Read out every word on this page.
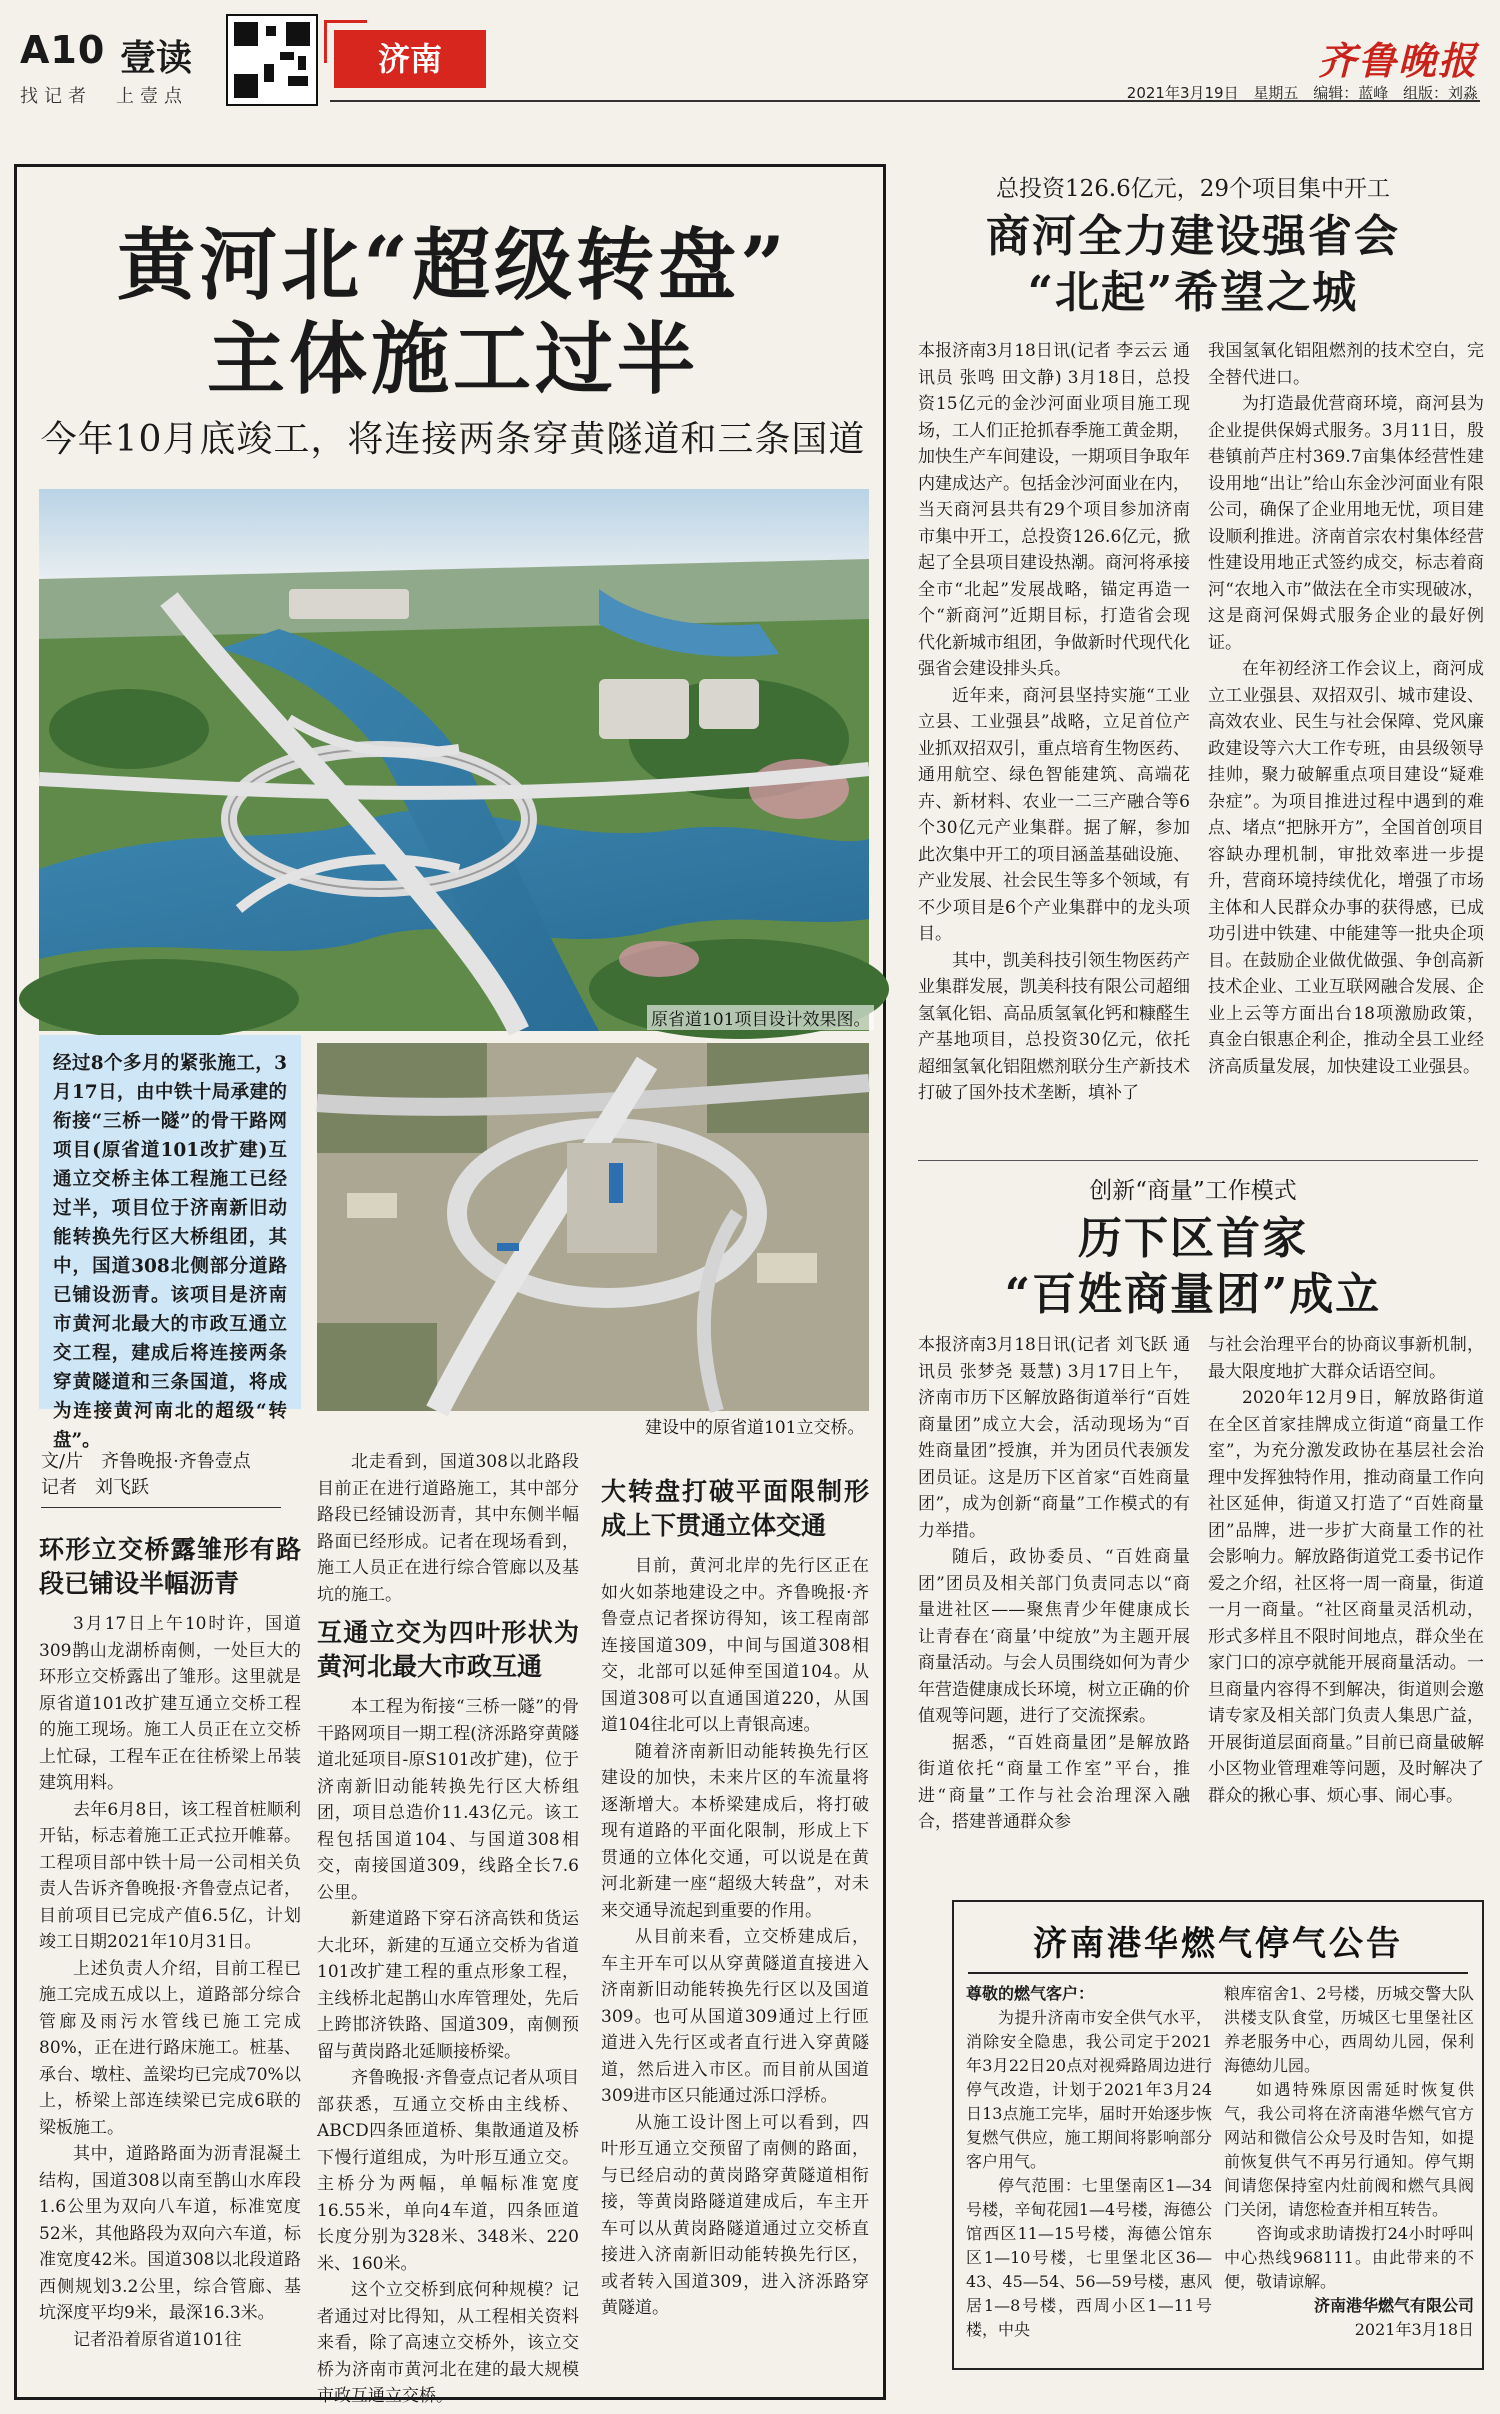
A10 壹读
找记者　上壹点
济南	齐鲁晚报
2021年3月19日 星期五 编辑：蓝峰 组版：刘淼
黄河北“超级转盘”
主体施工过半
今年10月底竣工，将连接两条穿黄隧道和三条国道
原省道101项目设计效果图。
经过8个多月的紧张施工，3月17日，由中铁十局承建的衔接“三桥一隧”的骨干路网项目(原省道101改扩建)互通立交桥主体工程施工已经过半，项目位于济南新旧动能转换先行区大桥组团，其中，国道308北侧部分道路已铺设沥青。该项目是济南市黄河北最大的市政互通立交工程，建成后将连接两条穿黄隧道和三条国道，将成为连接黄河南北的超级“转盘”。
建设中的原省道101立交桥。
文/片　齐鲁晚报·齐鲁壹点
记者　刘飞跃
环形立交桥露雏形有路段已铺设半幅沥青

3月17日上午10时许，国道309鹊山龙湖桥南侧，一处巨大的环形立交桥露出了雏形。这里就是原省道101改扩建互通立交桥工程的施工现场。施工人员正在立交桥上忙碌，工程车正在往桥梁上吊装建筑用料。

去年6月8日，该工程首桩顺利开钻，标志着施工正式拉开帷幕。工程项目部中铁十局一公司相关负责人告诉齐鲁晚报·齐鲁壹点记者，目前项目已完成产值6.5亿，计划竣工日期2021年10月31日。

上述负责人介绍，目前工程已施工完成五成以上，道路部分综合管廊及雨污水管线已施工完成80%，正在进行路床施工。桩基、承台、墩柱、盖梁均已完成70%以上，桥梁上部连续梁已完成6联的梁板施工。

其中，道路路面为沥青混凝土结构，国道308以南至鹊山水库段1.6公里为双向八车道，标准宽度52米，其他路段为双向六车道，标准宽度42米。国道308以北段道路西侧规划3.2公里，综合管廊、基坑深度平均9米，最深16.3米。

记者沿着原省道101往

北走看到，国道308以北路段目前正在进行道路施工，其中部分路段已经铺设沥青，其中东侧半幅路面已经形成。记者在现场看到，施工人员正在进行综合管廊以及基坑的施工。

互通立交为四叶形状为黄河北最大市政互通

本工程为衔接“三桥一隧”的骨干路网项目一期工程(济泺路穿黄隧道北延项目-原S101改扩建)，位于济南新旧动能转换先行区大桥组团，项目总造价11.43亿元。该工程包括国道104、与国道308相交，南接国道309，线路全长7.6公里。

新建道路下穿石济高铁和货运大北环，新建的互通立交桥为省道101改扩建工程的重点形象工程，主线桥北起鹊山水库管理处，先后上跨邯济铁路、国道309，南侧预留与黄岗路北延顺接桥梁。

齐鲁晚报·齐鲁壹点记者从项目部获悉，互通立交桥由主线桥、ABCD四条匝道桥、集散通道及桥下慢行道组成，为叶形互通立交。主桥分为两幅，单幅标准宽度16.55米，单向4车道，四条匝道长度分别为328米、348米、220米、160米。

这个立交桥到底何种规模？记者通过对比得知，从工程相关资料来看，除了高速立交桥外，该立交桥为济南市黄河北在建的最大规模市政互通立交桥。

大转盘打破平面限制形成上下贯通立体交通

目前，黄河北岸的先行区正在如火如荼地建设之中。齐鲁晚报·齐鲁壹点记者探访得知，该工程南部连接国道309，中间与国道308相交，北部可以延伸至国道104。从国道308可以直通国道220，从国道104往北可以上青银高速。

随着济南新旧动能转换先行区建设的加快，未来片区的车流量将逐渐增大。本桥梁建成后，将打破现有道路的平面化限制，形成上下贯通的立体化交通，可以说是在黄河北新建一座“超级大转盘”，对未来交通导流起到重要的作用。

从目前来看，立交桥建成后，车主开车可以从穿黄隧道直接进入济南新旧动能转换先行区以及国道309。也可从国道309通过上行匝道进入先行区或者直行进入穿黄隧道，然后进入市区。而目前从国道309进市区只能通过泺口浮桥。

从施工设计图上可以看到，四叶形互通立交预留了南侧的路面，与已经启动的黄岗路穿黄隧道相衔接，等黄岗路隧道建成后，车主开车可以从黄岗路隧道通过立交桥直接进入济南新旧动能转换先行区，或者转入国道309，进入济泺路穿黄隧道。

总投资126.6亿元，29个项目集中开工
商河全力建设强省会
“北起”希望之城

本报济南3月18日讯(记者 李云云 通讯员 张鸣 田文静) 3月18日，总投资15亿元的金沙河面业项目施工现场，工人们正抢抓春季施工黄金期，加快生产车间建设，一期项目争取年内建成达产。包括金沙河面业在内，当天商河县共有29个项目参加济南市集中开工，总投资126.6亿元，掀起了全县项目建设热潮。商河将承接全市“北起”发展战略，锚定再造一个“新商河”近期目标，打造省会现代化新城市组团，争做新时代现代化强省会建设排头兵。

近年来，商河县坚持实施“工业立县、工业强县”战略，立足首位产业抓双招双引，重点培育生物医药、通用航空、绿色智能建筑、高端花卉、新材料、农业一二三产融合等6个30亿元产业集群。据了解，参加此次集中开工的项目涵盖基础设施、产业发展、社会民生等多个领域，有不少项目是6个产业集群中的龙头项目。

其中，凯美科技引领生物医药产业集群发展，凯美科技有限公司超细氢氧化铝、高品质氢氧化钙和糠醛生产基地项目，总投资30亿元，依托超细氢氧化铝阻燃剂联分生产新技术打破了国外技术垄断，填补了

我国氢氧化铝阻燃剂的技术空白，完全替代进口。

为打造最优营商环境，商河县为企业提供保姆式服务。3月11日，殷巷镇前芦庄村369.7亩集体经营性建设用地“出让”给山东金沙河面业有限公司，确保了企业用地无忧，项目建设顺利推进。济南首宗农村集体经营性建设用地正式签约成交，标志着商河“农地入市”做法在全市实现破冰，这是商河保姆式服务企业的最好例证。

在年初经济工作会议上，商河成立工业强县、双招双引、城市建设、高效农业、民生与社会保障、党风廉政建设等六大工作专班，由县级领导挂帅，聚力破解重点项目建设“疑难杂症”。为项目推进过程中遇到的难点、堵点“把脉开方”，全国首创项目容缺办理机制，审批效率进一步提升，营商环境持续优化，增强了市场主体和人民群众办事的获得感，已成功引进中铁建、中能建等一批央企项目。在鼓励企业做优做强、争创高新技术企业、工业互联网融合发展、企业上云等方面出台18项激励政策，真金白银惠企利企，推动全县工业经济高质量发展，加快建设工业强县。

创新“商量”工作模式
历下区首家
“百姓商量团”成立

本报济南3月18日讯(记者 刘飞跃 通讯员 张梦尧 聂慧) 3月17日上午，济南市历下区解放路街道举行“百姓商量团”成立大会，活动现场为“百姓商量团”授旗，并为团员代表颁发团员证。这是历下区首家“百姓商量团”，成为创新“商量”工作模式的有力举措。

随后，政协委员、“百姓商量团”团员及相关部门负责同志以“商量进社区——聚焦青少年健康成长　让青春在‘商量’中绽放”为主题开展商量活动。与会人员围绕如何为青少年营造健康成长环境，树立正确的价值观等问题，进行了交流探索。

据悉，“百姓商量团”是解放路街道依托“商量工作室”平台，推进“商量”工作与社会治理深入融合，搭建普通群众参

与社会治理平台的协商议事新机制，最大限度地扩大群众话语空间。

2020年12月9日，解放路街道在全区首家挂牌成立街道“商量工作室”，为充分激发政协在基层社会治理中发挥独特作用，推动商量工作向社区延伸，街道又打造了“百姓商量团”品牌，进一步扩大商量工作的社会影响力。解放路街道党工委书记作爱之介绍，社区将一周一商量，街道一月一商量。“社区商量灵活机动，形式多样且不限时间地点，群众坐在家门口的凉亭就能开展商量活动。一旦商量内容得不到解决，街道则会邀请专家及相关部门负责人集思广益，开展街道层面商量。”目前已商量破解小区物业管理难等问题，及时解决了群众的揪心事、烦心事、闹心事。

济南港华燃气停气公告

尊敬的燃气客户：

为提升济南市安全供气水平，消除安全隐患，我公司定于2021年3月22日20点对视舜路周边进行停气改造，计划于2021年3月24日13点施工完毕，届时开始逐步恢复燃气供应，施工期间将影响部分客户用气。

停气范围：七里堡南区1—34号楼，辛甸花园1—4号楼，海德公馆西区11—15号楼，海德公馆东区1—10号楼，七里堡北区36—43、45—54、56—59号楼，惠风居1—8号楼，西周小区1—11号楼，中央

粮库宿舍1、2号楼，历城交警大队洪楼支队食堂，历城区七里堡社区养老服务中心，西周幼儿园，保利海德幼儿园。

如遇特殊原因需延时恢复供气，我公司将在济南港华燃气官方网站和微信公众号及时告知，如提前恢复供气不再另行通知。停气期间请您保持室内灶前阀和燃气具阀门关闭，请您检查并相互转告。

咨询或求助请拨打24小时呼叫中心热线968111。由此带来的不便，敬请谅解。

济南港华燃气有限公司

2021年3月18日
